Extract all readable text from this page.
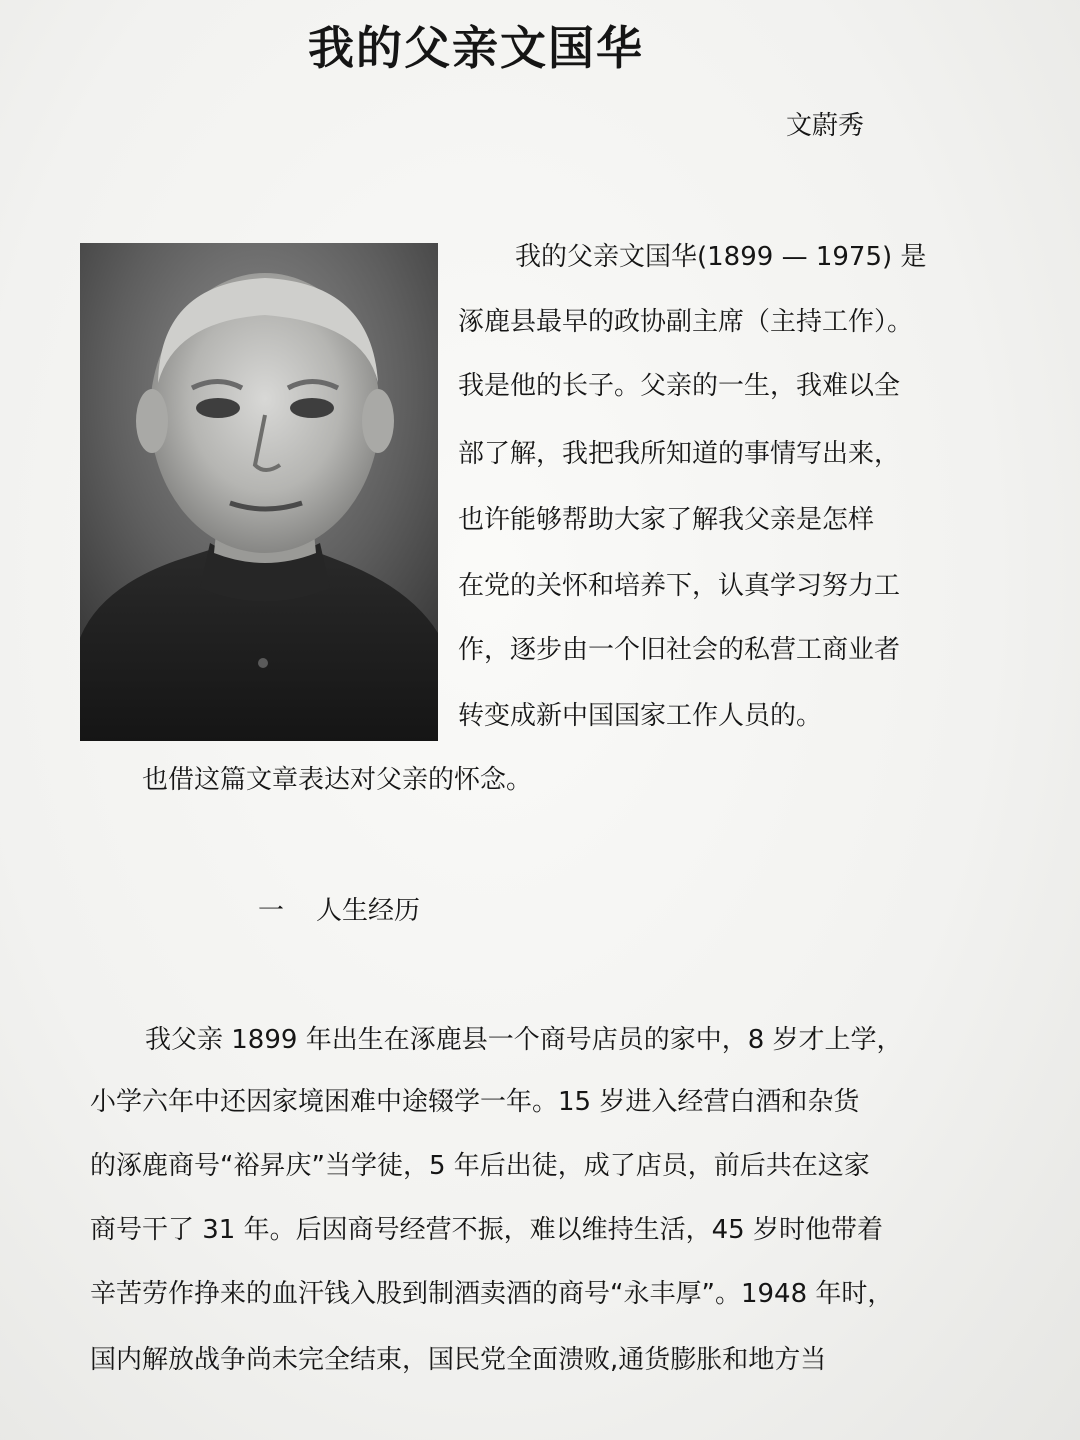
我的父亲文国华
文蔚秀
我的父亲文国华(1899 — 1975) 是
涿鹿县最早的政协副主席（主持工作）。
我是他的长子。父亲的一生，我难以全
部了解，我把我所知道的事情写出来，
也许能够帮助大家了解我父亲是怎样
在党的关怀和培养下，认真学习努力工
作，逐步由一个旧社会的私营工商业者
转变成新中国国家工作人员的。
也借这篇文章表达对父亲的怀念。
一 人生经历
我父亲 1899 年出生在涿鹿县一个商号店员的家中，8 岁才上学，
小学六年中还因家境困难中途辍学一年。15 岁进入经营白酒和杂货
的涿鹿商号“裕昇庆”当学徒，5 年后出徒，成了店员，前后共在这家
商号干了 31 年。后因商号经营不振，难以维持生活，45 岁时他带着
辛苦劳作挣来的血汗钱入股到制酒卖酒的商号“永丰厚”。1948 年时，
国内解放战争尚未完全结束，国民党全面溃败,通货膨胀和地方当
